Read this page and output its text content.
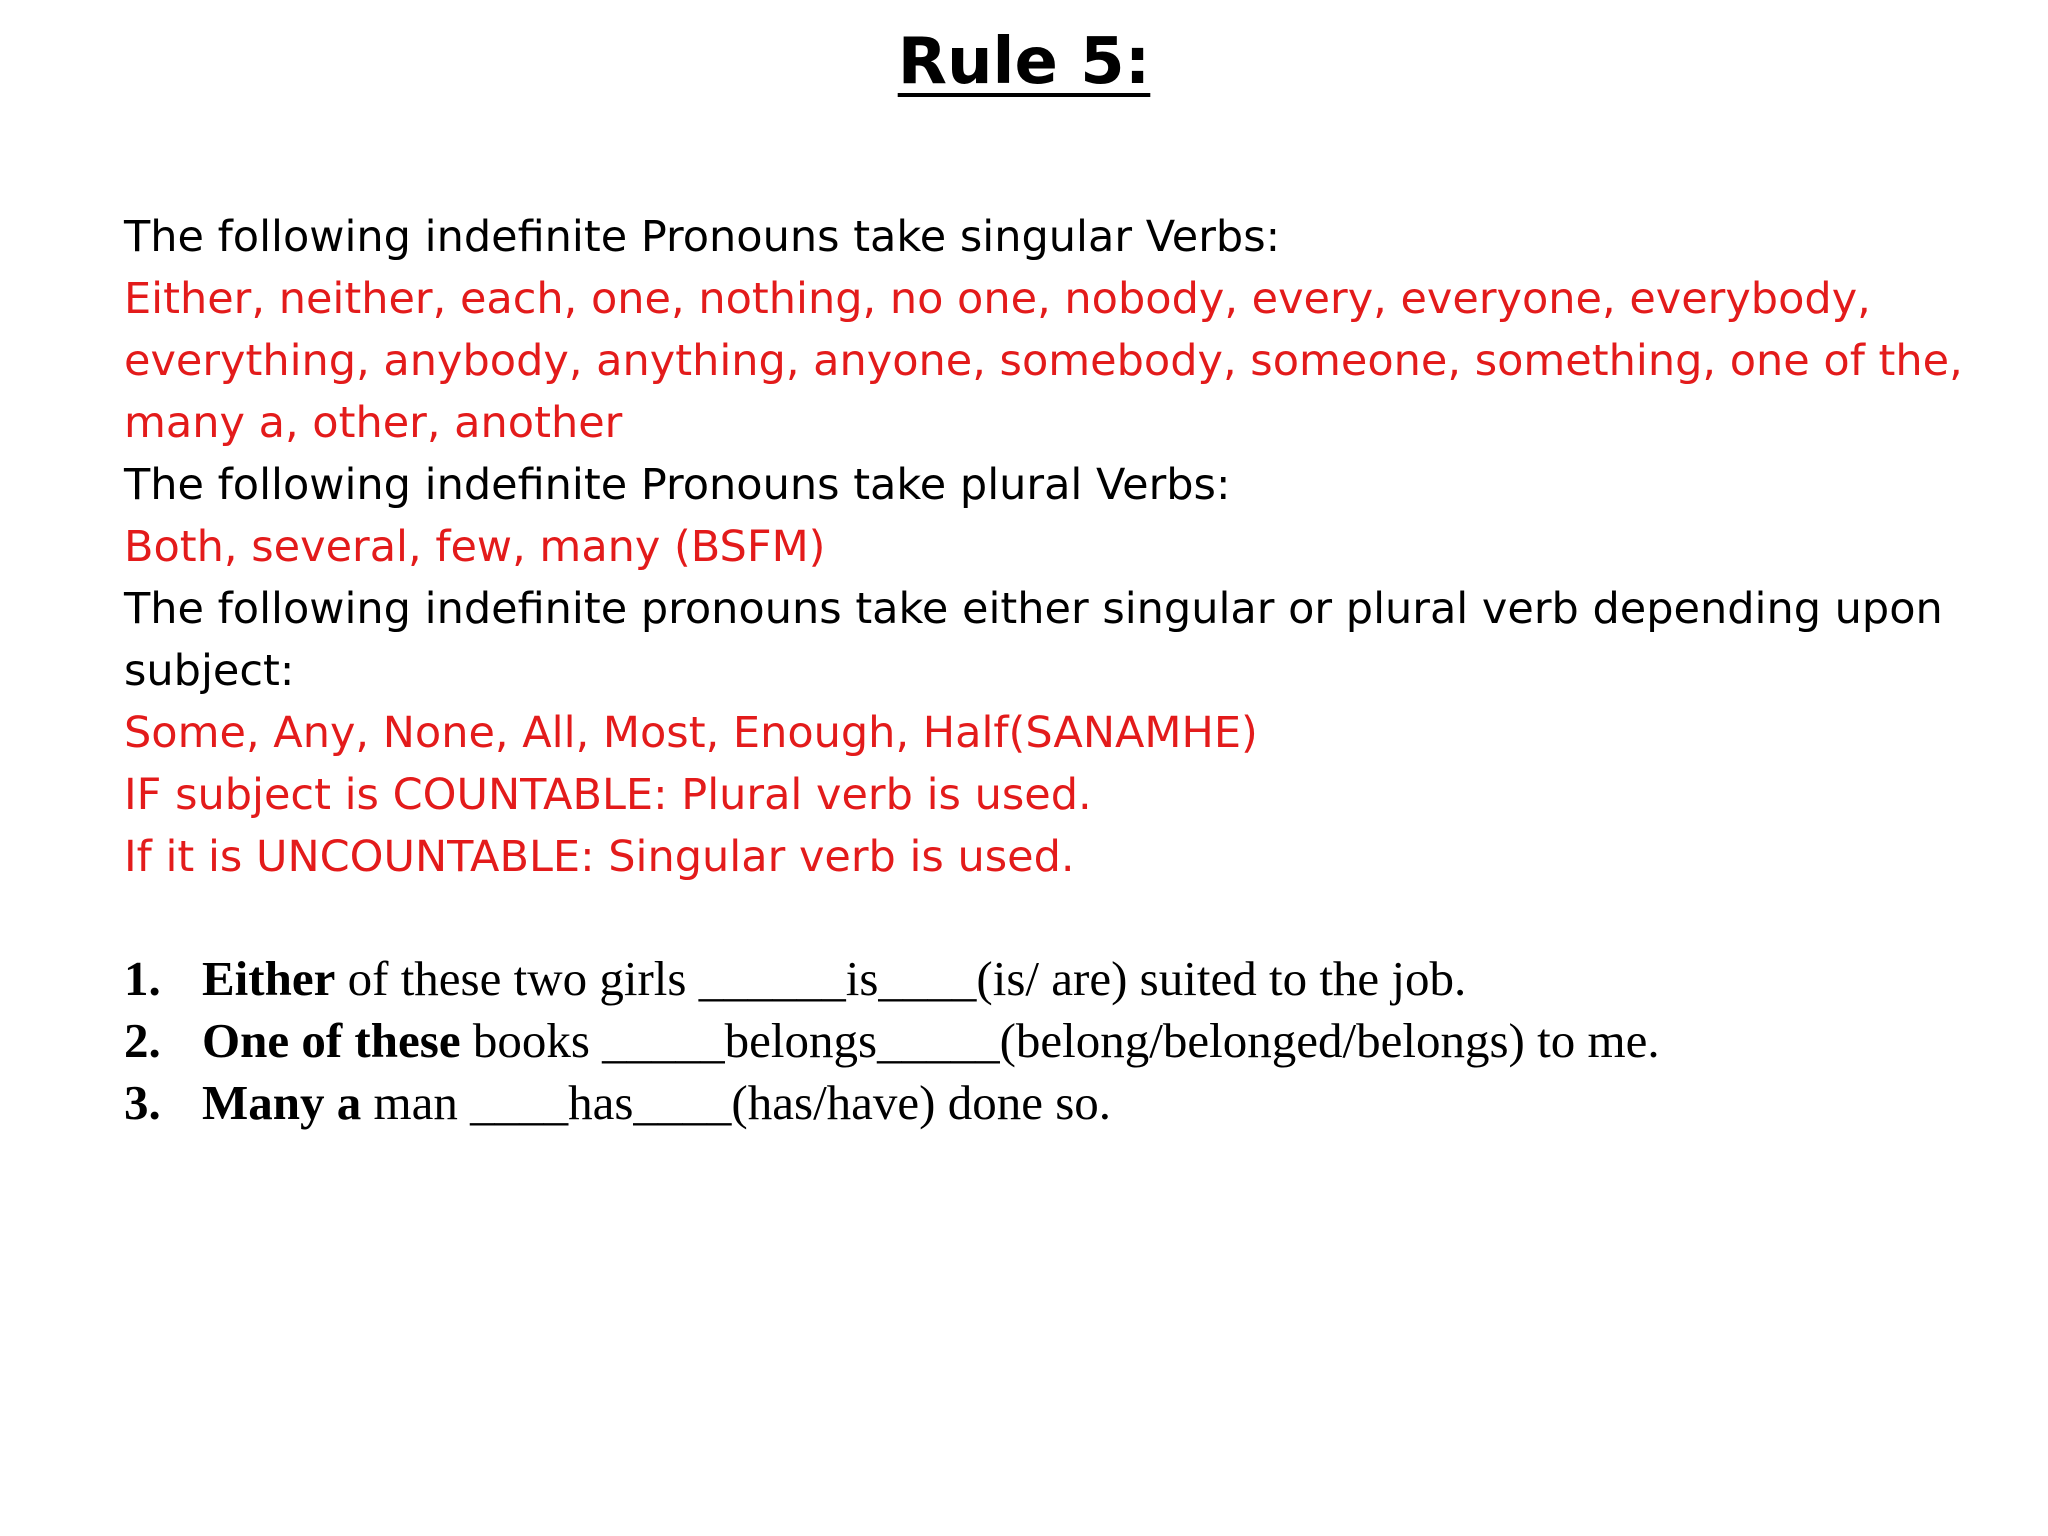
Rule 5:
The following indefinite Pronouns take singular Verbs:
Either, neither, each, one, nothing, no one, nobody, every, everyone, everybody,
everything, anybody, anything, anyone, somebody, someone, something, one of the,
many a, other, another
The following indefinite Pronouns take plural Verbs:
Both, several, few, many (BSFM)
The following indefinite pronouns take either singular or plural verb depending upon
subject:
Some, Any, None, All, Most, Enough, Half(SANAMHE)
IF subject is COUNTABLE: Plural verb is used.
If it is UNCOUNTABLE: Singular verb is used.
1. Either of these two girls ______is____(is/ are) suited to the job.
2. One of these books _____belongs_____(belong/belonged/belongs) to me.
3. Many a man ____has____(has/have) done so.
